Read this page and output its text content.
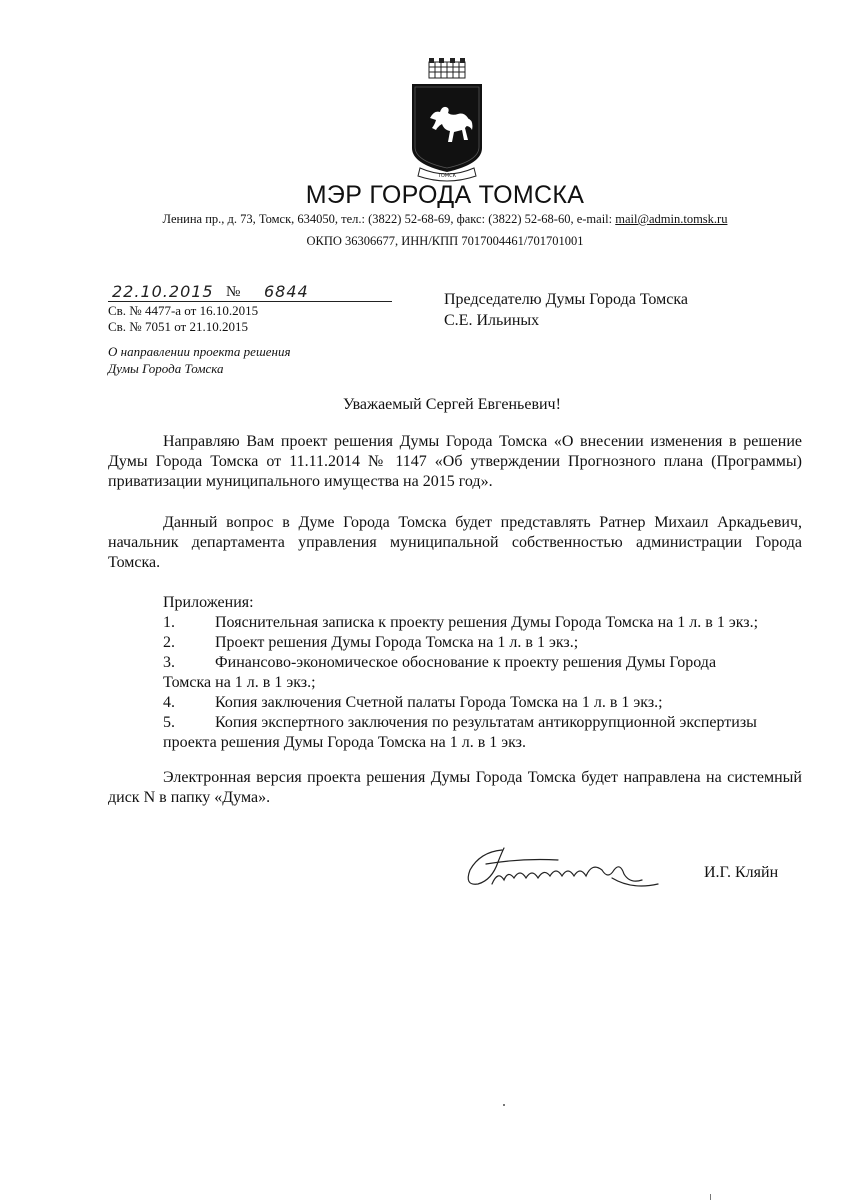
ТОМСК
МЭР ГОРОДА ТОМСКА
Ленина пр., д. 73, Томск, 634050, тел.: (3822) 52-68-69, факс: (3822) 52-68-60, e-mail: mail@admin.tomsk.ru
ОКПО 36306677, ИНН/КПП 7017004461/701701001
22.10.2015 № 6844
Св. № 4477-а от 16.10.2015
Св. № 7051 от 21.10.2015
О направлении проекта решения
Думы Города Томска
Председателю Думы Города Томска
С.Е. Ильиных
Уважаемый Сергей Евгеньевич!
Направляю Вам проект решения Думы Города Томска «О внесении изменения в решение Думы Города Томска от 11.11.2014 № 1147 «Об утверждении Прогнозного плана (Программы) приватизации муниципального имущества на 2015 год».
Данный вопрос в Думе Города Томска будет представлять Ратнер Михаил Аркадьевич, начальник департамента управления муниципальной собственностью администрации Города Томска.
Приложения:
1.	Пояснительная записка к проекту решения Думы Города Томска на 1 л. в 1 экз.;
2.	Проект решения Думы Города Томска на 1 л. в 1 экз.;
3.	Финансово-экономическое обоснование к проекту решения Думы Города
Томска на 1 л. в 1 экз.;
4.	Копия заключения Счетной палаты Города Томска на 1 л. в 1 экз.;
5.	Копия экспертного заключения по результатам антикоррупционной экспертизы
проекта решения Думы Города Томска на 1 л. в 1 экз.
Электронная версия проекта решения Думы Города Томска будет направлена на системный диск N в папку «Дума».
И.Г. Кляйн
